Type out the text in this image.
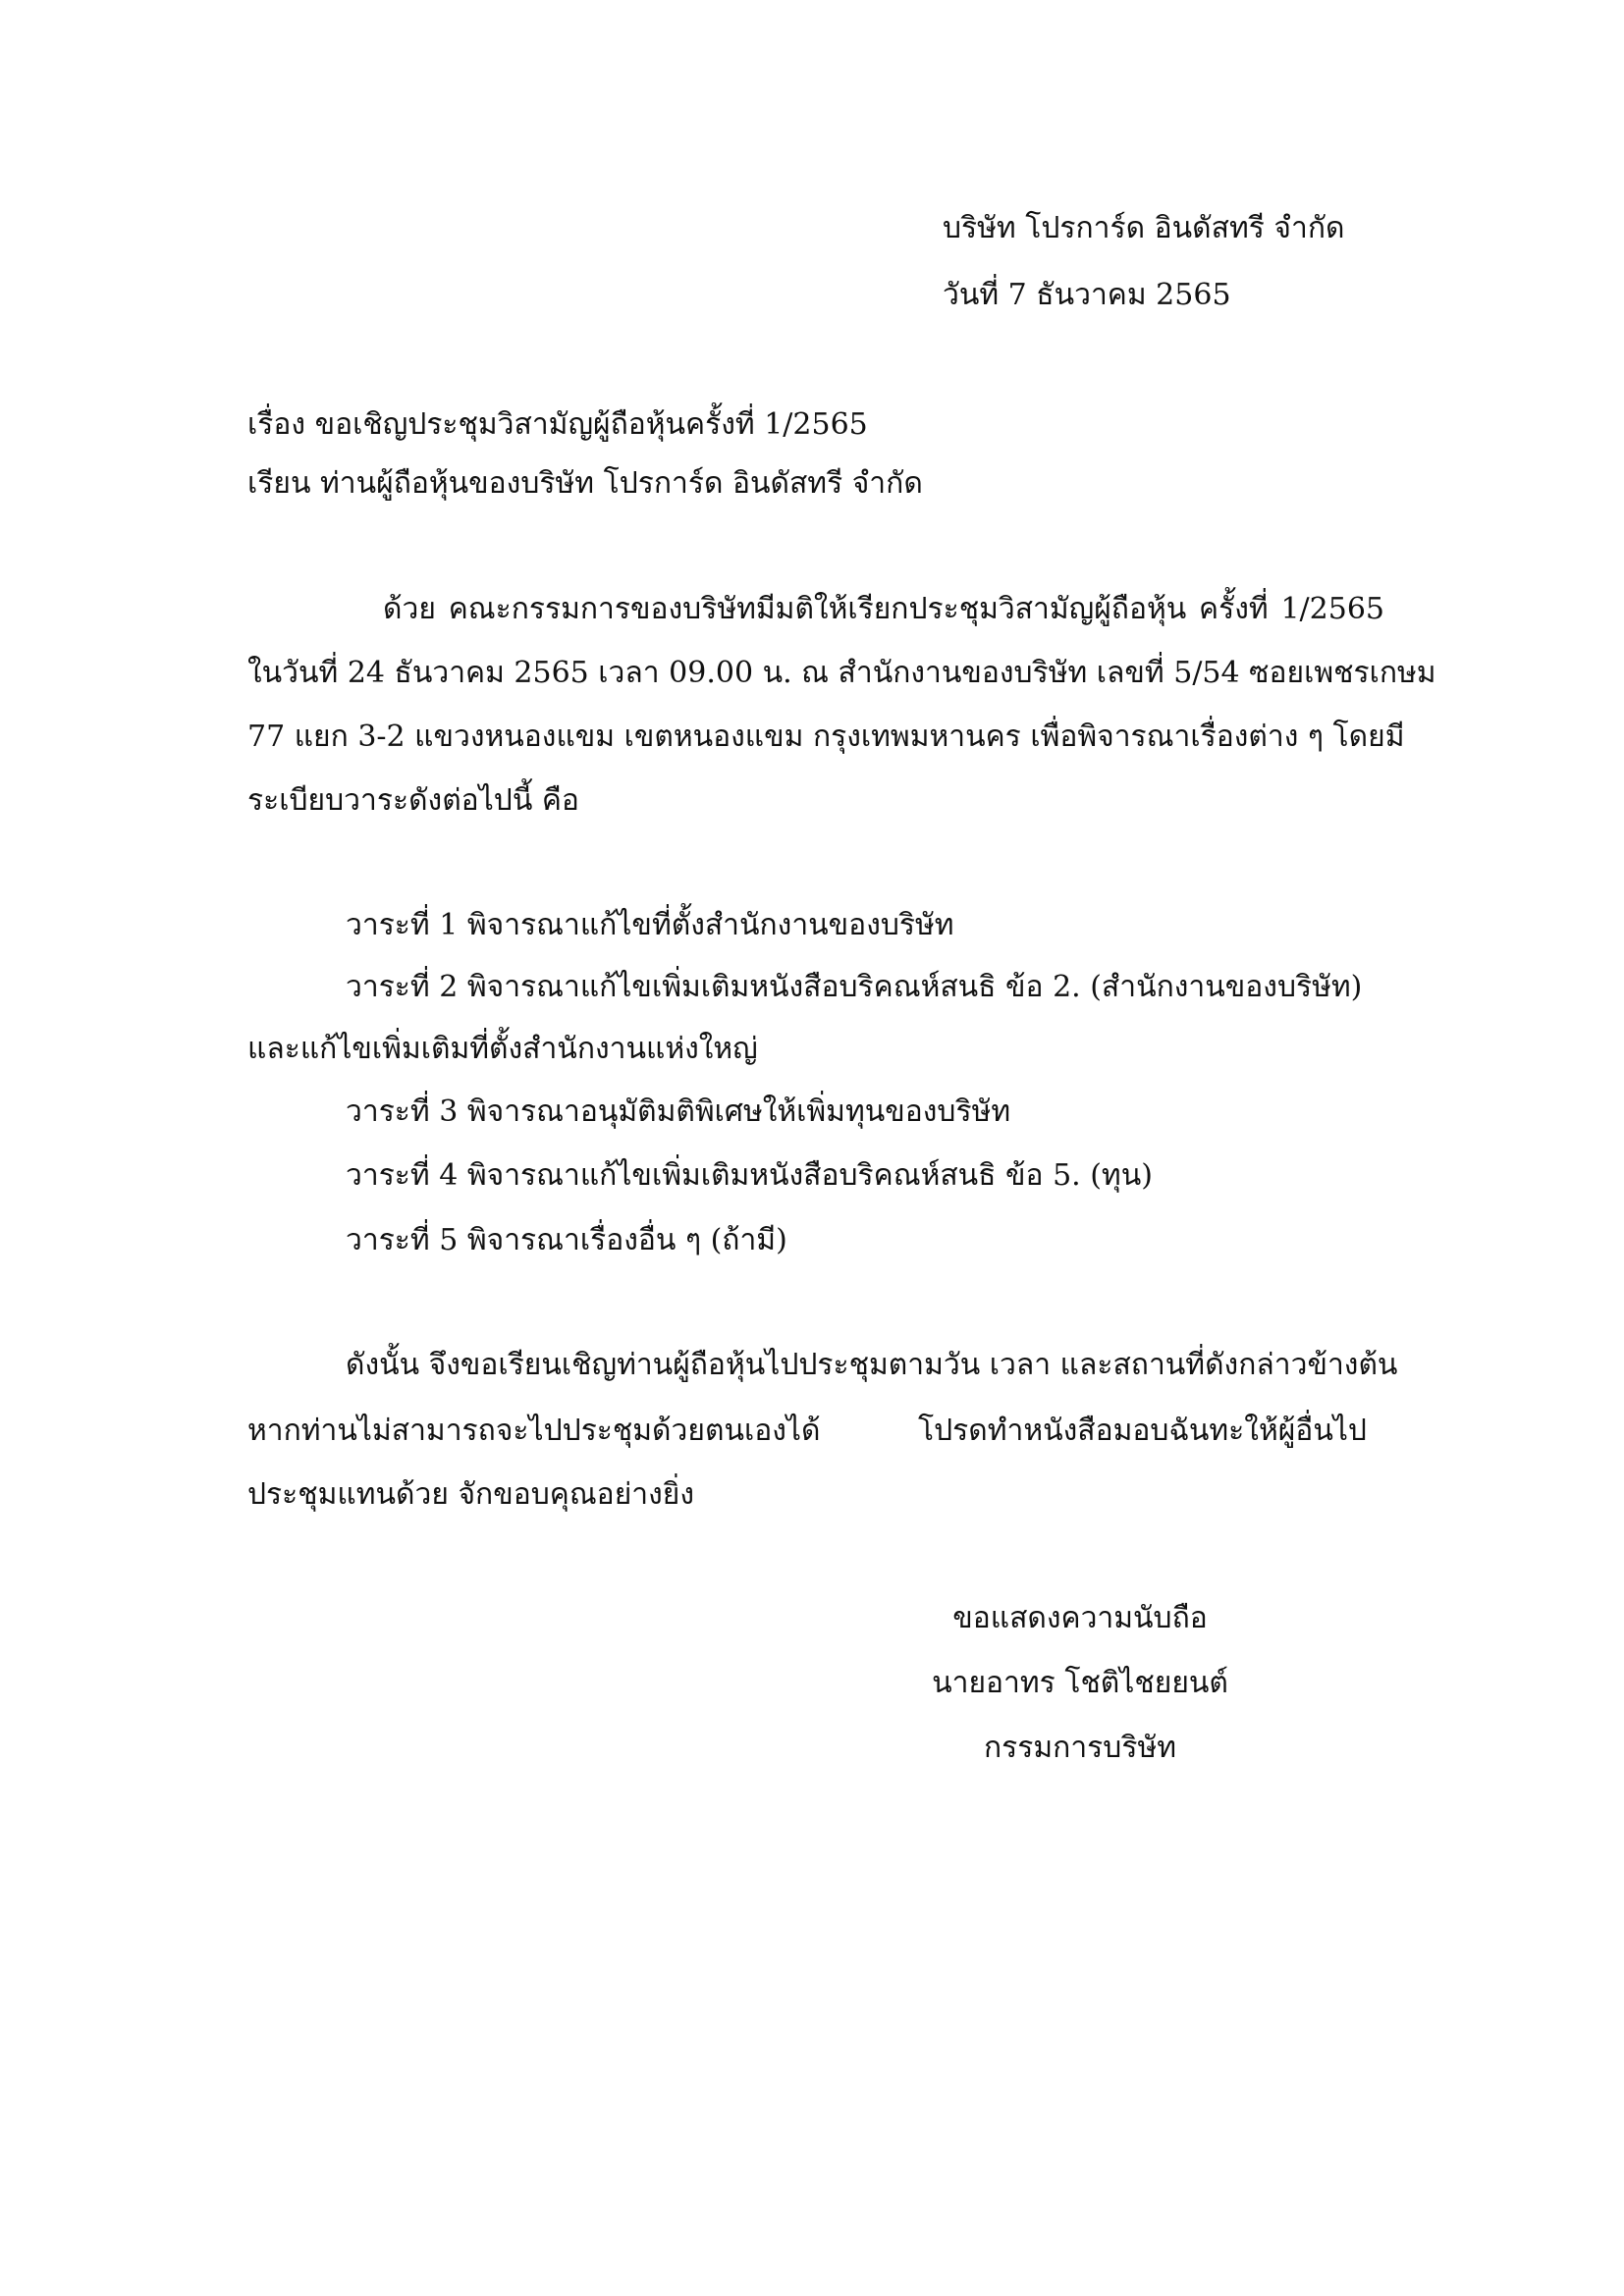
บริษัท โปรการ์ด อินดัสทรี จำกัด
วันที่ 7 ธันวาคม 2565
เรื่อง ขอเชิญประชุมวิสามัญผู้ถือหุ้นครั้งที่ 1/2565
เรียน ท่านผู้ถือหุ้นของบริษัท โปรการ์ด อินดัสทรี จำกัด
ด้วย คณะกรรมการของบริษัทมีมติให้เรียกประชุมวิสามัญผู้ถือหุ้น ครั้งที่ 1/2565
ในวันที่ 24 ธันวาคม 2565 เวลา 09.00 น. ณ สำนักงานของบริษัท เลขที่ 5/54 ซอยเพชรเกษม
77 แยก 3-2 แขวงหนองแขม เขตหนองแขม กรุงเทพมหานคร เพื่อพิจารณาเรื่องต่าง ๆ โดยมี
ระเบียบวาระดังต่อไปนี้ คือ
วาระที่ 1 พิจารณาแก้ไขที่ตั้งสำนักงานของบริษัท
วาระที่ 2 พิจารณาแก้ไขเพิ่มเติมหนังสือบริคณห์สนธิ ข้อ 2. (สำนักงานของบริษัท)
และแก้ไขเพิ่มเติมที่ตั้งสำนักงานแห่งใหญ่
วาระที่ 3 พิจารณาอนุมัติมติพิเศษให้เพิ่มทุนของบริษัท
วาระที่ 4 พิจารณาแก้ไขเพิ่มเติมหนังสือบริคณห์สนธิ ข้อ 5. (ทุน)
วาระที่ 5 พิจารณาเรื่องอื่น ๆ (ถ้ามี)
ดังนั้น จึงขอเรียนเชิญท่านผู้ถือหุ้นไปประชุมตามวัน เวลา และสถานที่ดังกล่าวข้างต้น
หากท่านไม่สามารถจะไปประชุมด้วยตนเองได้	โปรดทำหนังสือมอบฉันทะให้ผู้อื่นไป
ประชุมแทนด้วย จักขอบคุณอย่างยิ่ง
ขอแสดงความนับถือ
นายอาทร โชติไชยยนต์
กรรมการบริษัท
